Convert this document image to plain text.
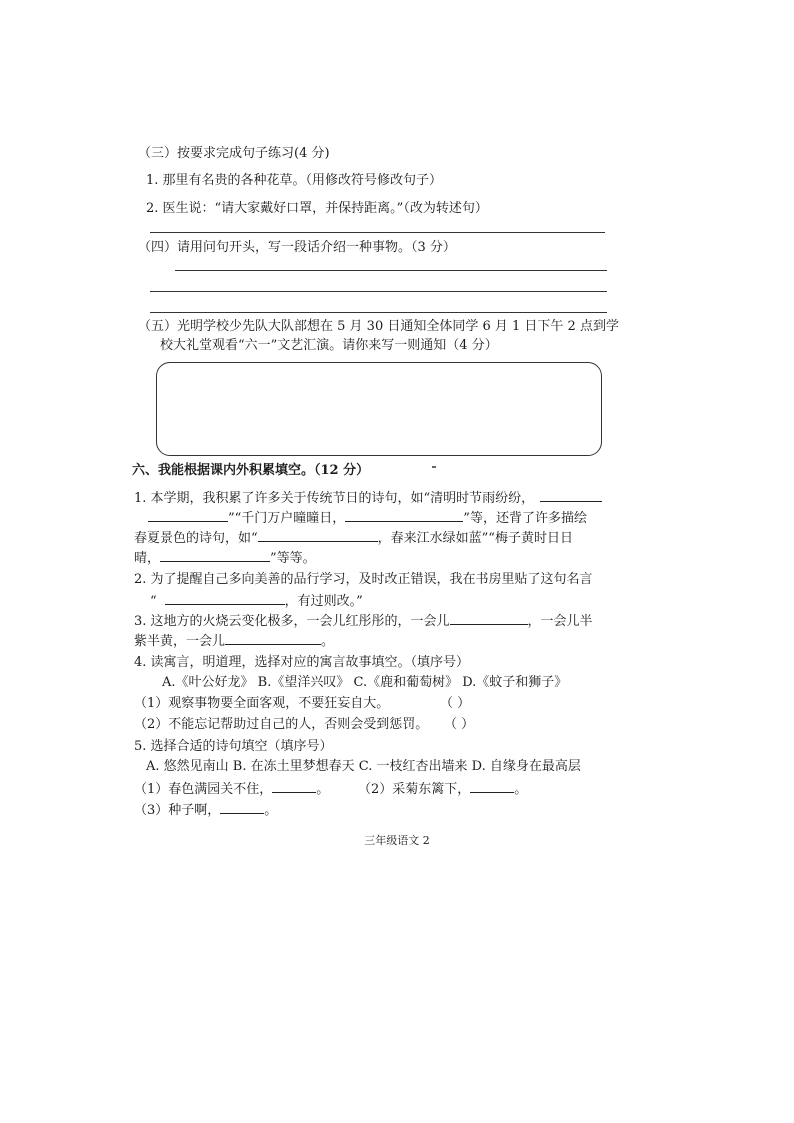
（三）按要求完成句子练习(4 分)
1. 那里有名贵的各种花草。（用修改符号修改句子）
2. 医生说：“请大家戴好口罩，并保持距离。”（改为转述句）
（四）请用问句开头，写一段话介绍一种事物。（3 分）
（五）光明学校少先队大队部想在 5 月 30 日通知全体同学 6 月 1 日下午 2 点到学
校大礼堂观看“六一”文艺汇演。请你来写一则通知（4 分）
六、我能根据课内外积累填空。（12 分）
1. 本学期，我积累了许多关于传统节日的诗句，如“清明时节雨纷纷，
”“千门万户曈曈日，	”等，还背了许多描绘
春夏景色的诗句，如“	，春来江水绿如蓝”“梅子黄时日日
晴，	”等等。
2. 为了提醒自己多向美善的品行学习，及时改正错误，我在书房里贴了这句名言
“	，有过则改。”
3. 这地方的火烧云变化极多，一会儿红彤彤的，一会儿	，一会儿半
紫半黄，一会儿	。
4. 读寓言，明道理，选择对应的寓言故事填空。（填序号）
A.《叶公好龙》 B.《望洋兴叹》 C.《鹿和葡萄树》 D.《蚊子和狮子》
（1）观察事物要全面客观，不要狂妄自大。	（ ）
（2）不能忘记帮助过自己的人，否则会受到惩罚。 （ ）
5. 选择合适的诗句填空（填序号）
A. 悠然见南山 B. 在冻土里梦想春天 C. 一枝红杏出墙来 D. 自缘身在最高层
（1）春色满园关不住，	。 （2）采菊东篱下，	。
（3）种子啊，	。
三年级语文 2
